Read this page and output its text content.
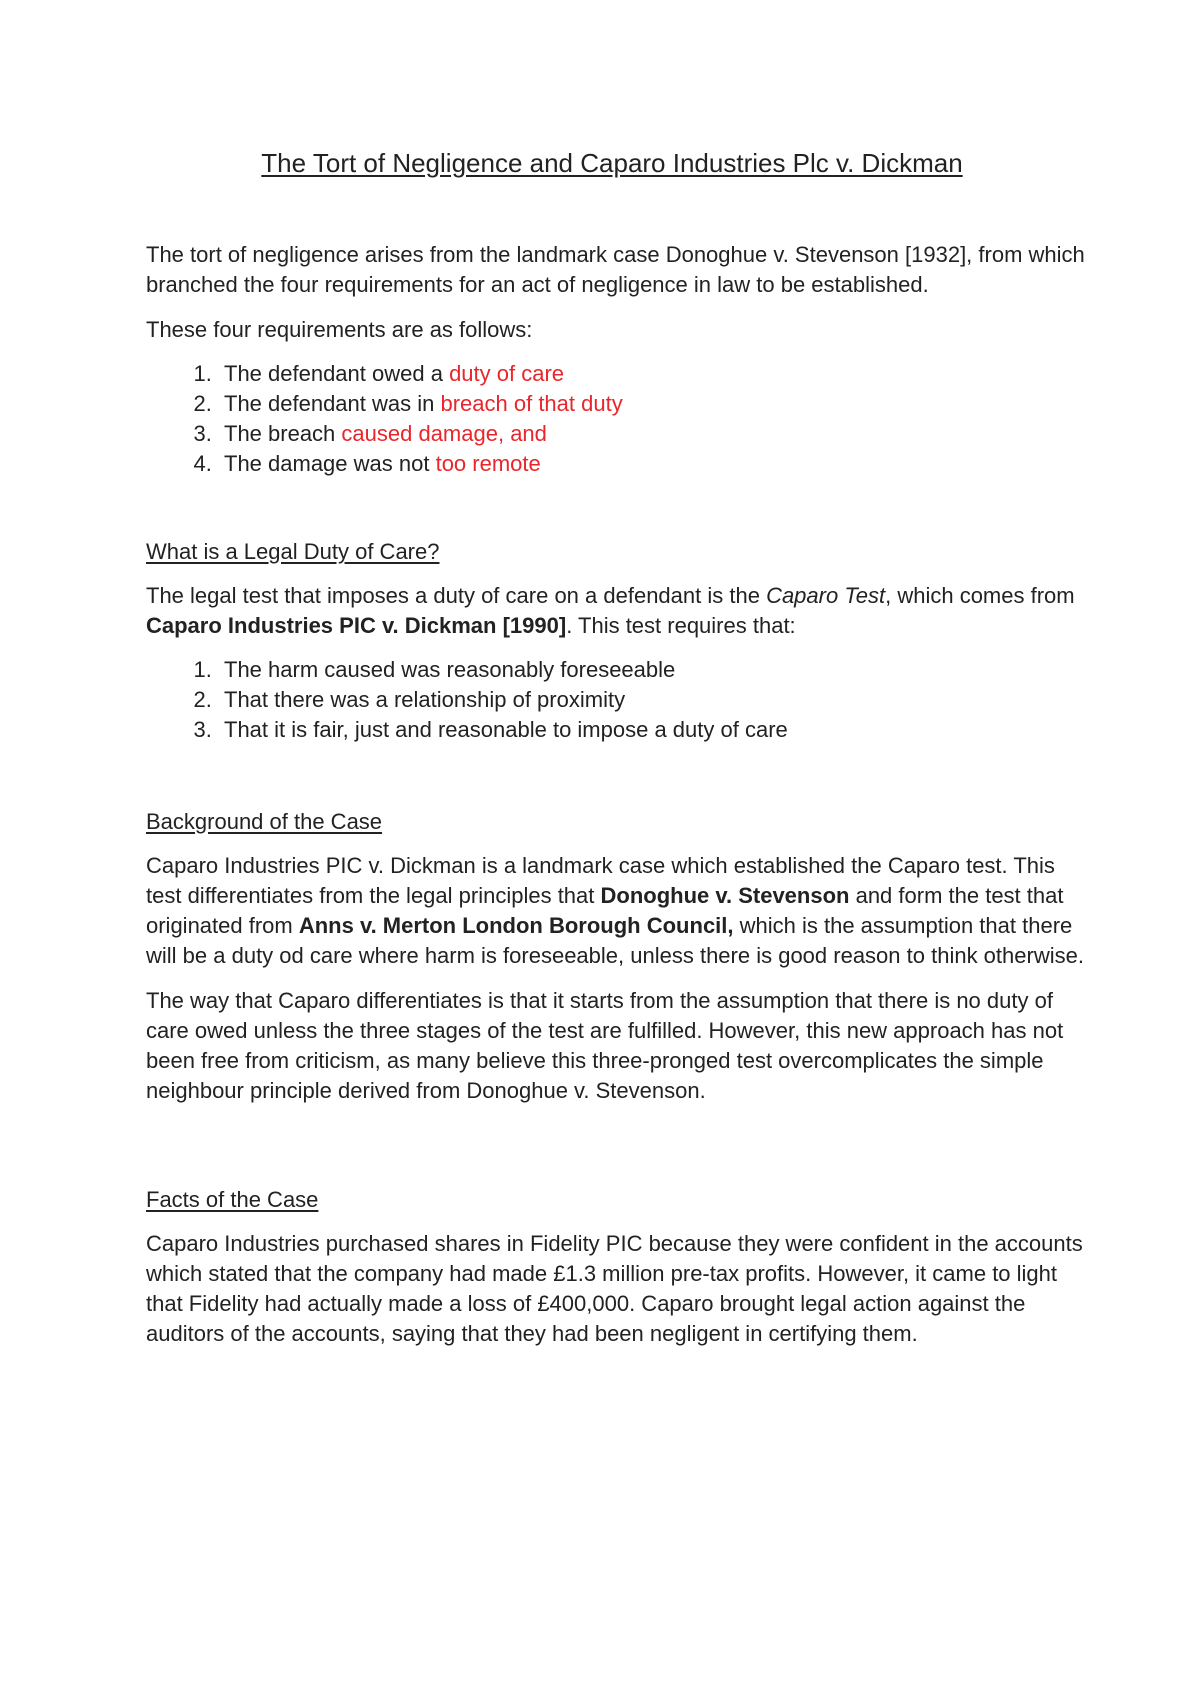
The Tort of Negligence and Caparo Industries Plc v. Dickman

The tort of negligence arises from the landmark case Donoghue v. Stevenson [1932], from which branched the four requirements for an act of negligence in law to be established.

These four requirements are as follows:

1. The defendant owed a duty of care
2. The defendant was in breach of that duty
3. The breach caused damage, and
4. The damage was not too remote

What is a Legal Duty of Care?

The legal test that imposes a duty of care on a defendant is the Caparo Test, which comes from Caparo Industries PIC v. Dickman [1990]. This test requires that:

1. The harm caused was reasonably foreseeable
2. That there was a relationship of proximity
3. That it is fair, just and reasonable to impose a duty of care

Background of the Case

Caparo Industries PIC v. Dickman is a landmark case which established the Caparo test. This test differentiates from the legal principles that Donoghue v. Stevenson and form the test that originated from Anns v. Merton London Borough Council, which is the assumption that there will be a duty od care where harm is foreseeable, unless there is good reason to think otherwise.

The way that Caparo differentiates is that it starts from the assumption that there is no duty of care owed unless the three stages of the test are fulfilled. However, this new approach has not been free from criticism, as many believe this three-pronged test overcomplicates the simple neighbour principle derived from Donoghue v. Stevenson.

Facts of the Case

Caparo Industries purchased shares in Fidelity PIC because they were confident in the accounts which stated that the company had made £1.3 million pre-tax profits. However, it came to light that Fidelity had actually made a loss of £400,000. Caparo brought legal action against the auditors of the accounts, saying that they had been negligent in certifying them.
